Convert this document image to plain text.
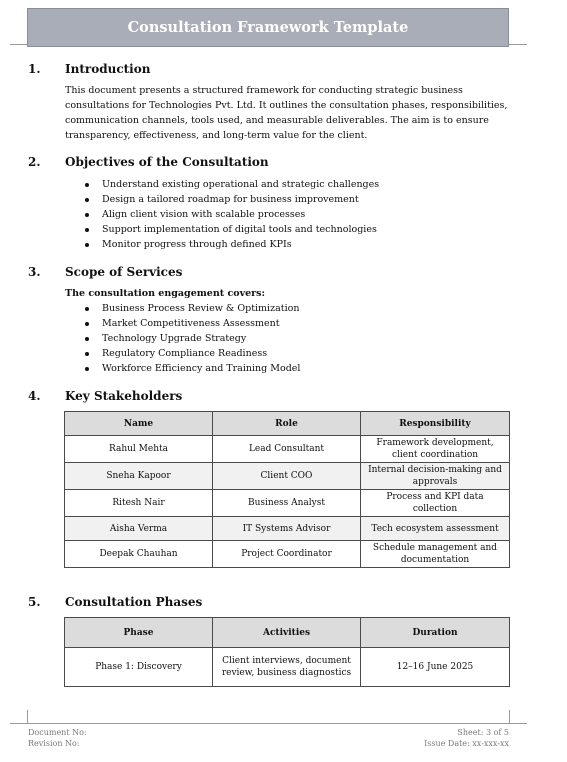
Consultation Framework Template
1. Introduction
This document presents a structured framework for conducting strategic business
consultations for Technologies Pvt. Ltd. It outlines the consultation phases, responsibilities,
communication channels, tools used, and measurable deliverables. The aim is to ensure
transparency, effectiveness, and long-term value for the client.
2. Objectives of the Consultation
Understand existing operational and strategic challenges
Design a tailored roadmap for business improvement
Align client vision with scalable processes
Support implementation of digital tools and technologies
Monitor progress through defined KPIs
3. Scope of Services
The consultation engagement covers:
Business Process Review & Optimization
Market Competitiveness Assessment
Technology Upgrade Strategy
Regulatory Compliance Readiness
Workforce Efficiency and Training Model
4. Key Stakeholders
Name	Role	Responsibility
Rahul Mehta	Lead Consultant	Framework development, client coordination
Sneha Kapoor	Client COO	Internal decision-making and approvals
Ritesh Nair	Business Analyst	Process and KPI data collection
Aisha Verma	IT Systems Advisor	Tech ecosystem assessment
Deepak Chauhan	Project Coordinator	Schedule management and documentation
5. Consultation Phases
Phase	Activities	Duration
Phase 1: Discovery	Client interviews, document review, business diagnostics	12–16 June 2025
Document No:
Revision No:
Sheet: 3 of 5
Issue Date: xx-xxx-xx
